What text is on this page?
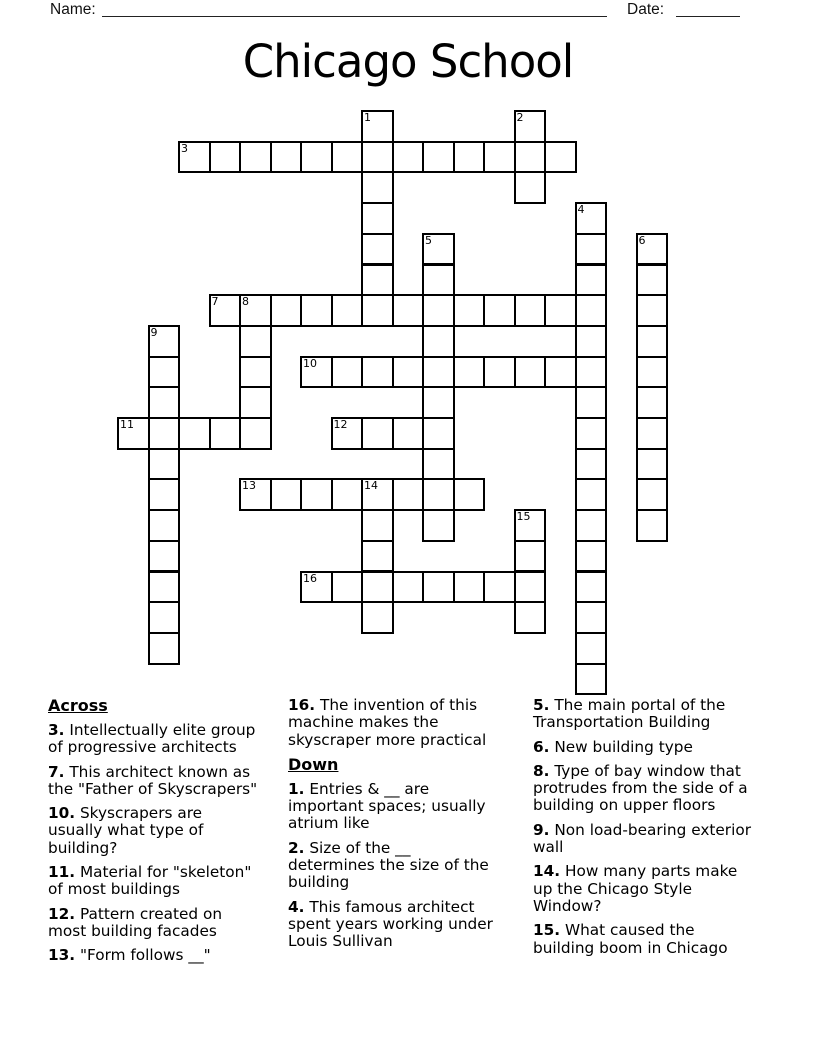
Name:	Date:
Chicago School
1	2
3
4
5	6
7 8
9
10
11	12
13	14
15
16
Across

3. Intellectually elite group of progressive architects

7. This architect known as the "Father of Skyscrapers"

10. Skyscrapers are usually what type of building?

11. Material for "skeleton" of most buildings

12. Pattern created on most building facades

13. "Form follows __"

16. The invention of this machine makes the skyscraper more practical

Down

1. Entries & __ are important spaces; usually atrium like

2. Size of the __ determines the size of the building

4. This famous architect spent years working under Louis Sullivan

5. The main portal of the Transportation Building

6. New building type

8. Type of bay window that protrudes from the side of a building on upper floors

9. Non load-bearing exterior wall

14. How many parts make up the Chicago Style Window?

15. What caused the building boom in Chicago
